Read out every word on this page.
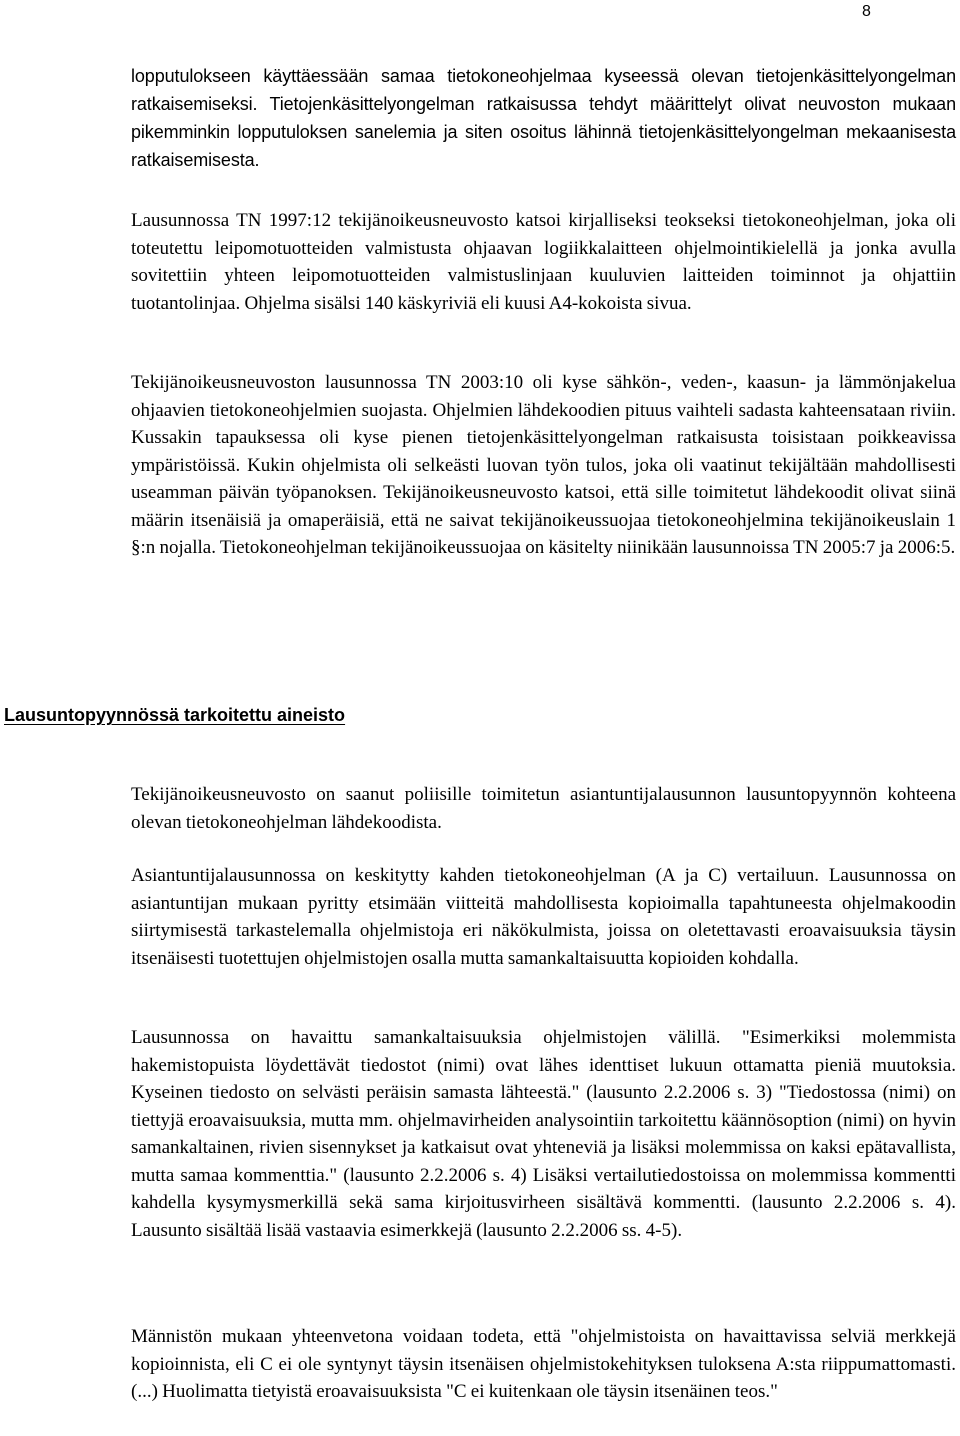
8

lopputulokseen käyttäessään samaa tietokoneohjelmaa kyseessä olevan tietojenkäsittelyongelman ratkaisemiseksi. Tietojenkäsittelyongelman ratkaisussa tehdyt määrittelyt olivat neuvoston mukaan pikemminkin lopputuloksen sanelemia ja siten osoitus lähinnä tietojenkäsittelyongelman mekaanisesta ratkaisemisesta.

Lausunnossa TN 1997:12 tekijänoikeusneuvosto katsoi kirjalliseksi teokseksi tietokoneohjelman, joka oli toteutettu leipomotuotteiden valmistusta ohjaavan logiikkalaitteen ohjelmointikielellä ja jonka avulla sovitettiin yhteen leipomotuotteiden valmistuslinjaan kuuluvien laitteiden toiminnot ja ohjattiin tuotantolinjaa. Ohjelma sisälsi 140 käskyriviä eli kuusi A4-kokoista sivua.

Tekijänoikeusneuvoston lausunnossa TN 2003:10 oli kyse sähkön-, veden-, kaasun- ja lämmönjakelua ohjaavien tietokoneohjelmien suojasta. Ohjelmien lähdekoodien pituus vaihteli sadasta kahteensataan riviin. Kussakin tapauksessa oli kyse pienen tietojenkäsittelyongelman ratkaisusta toisistaan poikkeavissa ympäristöissä. Kukin ohjelmista oli selkeästi luovan työn tulos, joka oli vaatinut tekijältään mahdollisesti useamman päivän työpanoksen. Tekijänoikeusneuvosto katsoi, että sille toimitetut lähdekoodit olivat siinä määrin itsenäisiä ja omaperäisiä, että ne saivat tekijänoikeussuojaa tietokoneohjelmina tekijänoikeuslain 1 §:n nojalla. Tietokoneohjelman tekijänoikeussuojaa on käsitelty niinikään lausunnoissa TN 2005:7 ja 2006:5.

Lausuntopyynnössä tarkoitettu aineisto

Tekijänoikeusneuvosto on saanut poliisille toimitetun asiantuntijalausunnon lausuntopyynnön kohteena olevan tietokoneohjelman lähdekoodista.

Asiantuntijalausunnossa on keskitytty kahden tietokoneohjelman (A ja C) vertailuun. Lausunnossa on asiantuntijan mukaan pyritty etsimään viitteitä mahdollisesta kopioimalla tapahtuneesta ohjelmakoodin siirtymisestä tarkastelemalla ohjelmistoja eri näkökulmista, joissa on oletettavasti eroavaisuuksia täysin itsenäisesti tuotettujen ohjelmistojen osalla mutta samankaltaisuutta kopioiden kohdalla.

Lausunnossa on havaittu samankaltaisuuksia ohjelmistojen välillä. "Esimerkiksi molemmista hakemistopuista löydettävät tiedostot (nimi) ovat lähes identtiset lukuun ottamatta pieniä muutoksia. Kyseinen tiedosto on selvästi peräisin samasta lähteestä." (lausunto 2.2.2006 s. 3) "Tiedostossa (nimi) on tiettyjä eroavaisuuksia, mutta mm. ohjelmavirheiden analysointiin tarkoitettu käännösoption (nimi) on hyvin samankaltainen, rivien sisennykset ja katkaisut ovat yhteneviä ja lisäksi molemmissa on kaksi epätavallista, mutta samaa kommenttia." (lausunto 2.2.2006 s. 4) Lisäksi vertailutiedostoissa on molemmissa kommentti kahdella kysymysmerkillä sekä sama kirjoitusvirheen sisältävä kommentti. (lausunto 2.2.2006 s. 4). Lausunto sisältää lisää vastaavia esimerkkejä (lausunto 2.2.2006 ss. 4-5).

Männistön mukaan yhteenvetona voidaan todeta, että "ohjelmistoista on havaittavissa selviä merkkejä kopioinnista, eli C ei ole syntynyt täysin itsenäisen ohjelmistokehityksen tuloksena A:sta riippumattomasti. (...) Huolimatta tietyistä eroavaisuuksista "C ei kuitenkaan ole täysin itsenäinen teos."
